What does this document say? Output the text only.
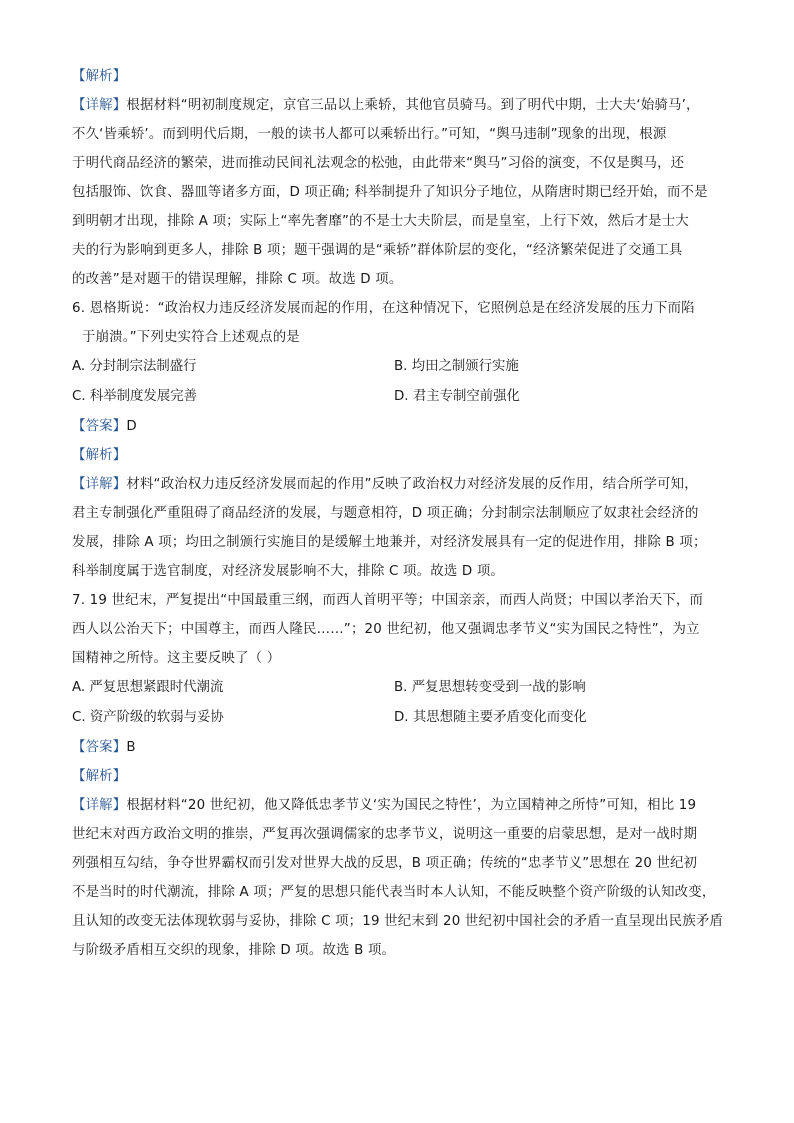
【解析】
【详解】根据材料“明初制度规定，京官三品以上乘轿，其他官员骑马。到了明代中期，士大夫‘始骑马’，
不久‘皆乘轿’。而到明代后期，一般的读书人都可以乘轿出行。”可知，“舆马违制”现象的出现，根源
于明代商品经济的繁荣，进而推动民间礼法观念的松弛，由此带来“舆马”习俗的演变，不仅是舆马，还
包括服饰、饮食、器皿等诸多方面，D 项正确; 科举制提升了知识分子地位，从隋唐时期已经开始，而不是
到明朝才出现，排除 A 项；实际上“率先奢靡”的不是士大夫阶层，而是皇室，上行下效，然后才是士大
夫的行为影响到更多人，排除 B 项；题干强调的是“乘轿”群体阶层的变化，“经济繁荣促进了交通工具
的改善”是对题干的错误理解，排除 C 项。故选 D 项。
6. 恩格斯说：“政治权力违反经济发展而起的作用，在这种情况下，它照例总是在经济发展的压力下而陷
于崩溃。”下列史实符合上述观点的是
A. 分封制宗法制盛行	B. 均田之制颁行实施
C. 科举制度发展完善	D. 君主专制空前强化
【答案】D
【解析】
【详解】材料“政治权力违反经济发展而起的作用”反映了政治权力对经济发展的反作用，结合所学可知，
君主专制强化严重阻碍了商品经济的发展，与题意相符，D 项正确；分封制宗法制顺应了奴隶社会经济的
发展，排除 A 项；均田之制颁行实施目的是缓解土地兼并，对经济发展具有一定的促进作用，排除 B 项；
科举制度属于选官制度，对经济发展影响不大，排除 C 项。故选 D 项。
7. 19 世纪末，严复提出“中国最重三纲，而西人首明平等；中国亲亲，而西人尚贤；中国以孝治天下，而
西人以公治天下；中国尊主，而西人隆民……”；20 世纪初，他又强调忠孝节义“实为国民之特性”，为立
国精神之所恃。这主要反映了（ ）
A. 严复思想紧跟时代潮流	B. 严复思想转变受到一战的影响
C. 资产阶级的软弱与妥协	D. 其思想随主要矛盾变化而变化
【答案】B
【解析】
【详解】根据材料“20 世纪初，他又降低忠孝节义‘实为国民之特性’，为立国精神之所恃”可知，相比 19
世纪末对西方政治文明的推崇，严复再次强调儒家的忠孝节义，说明这一重要的启蒙思想，是对一战时期
列强相互勾结，争夺世界霸权而引发对世界大战的反思，B 项正确；传统的“忠孝节义”思想在 20 世纪初
不是当时的时代潮流，排除 A 项；严复的思想只能代表当时本人认知，不能反映整个资产阶级的认知改变，
且认知的改变无法体现软弱与妥协，排除 C 项；19 世纪末到 20 世纪初中国社会的矛盾一直呈现出民族矛盾
与阶级矛盾相互交织的现象，排除 D 项。故选 B 项。
